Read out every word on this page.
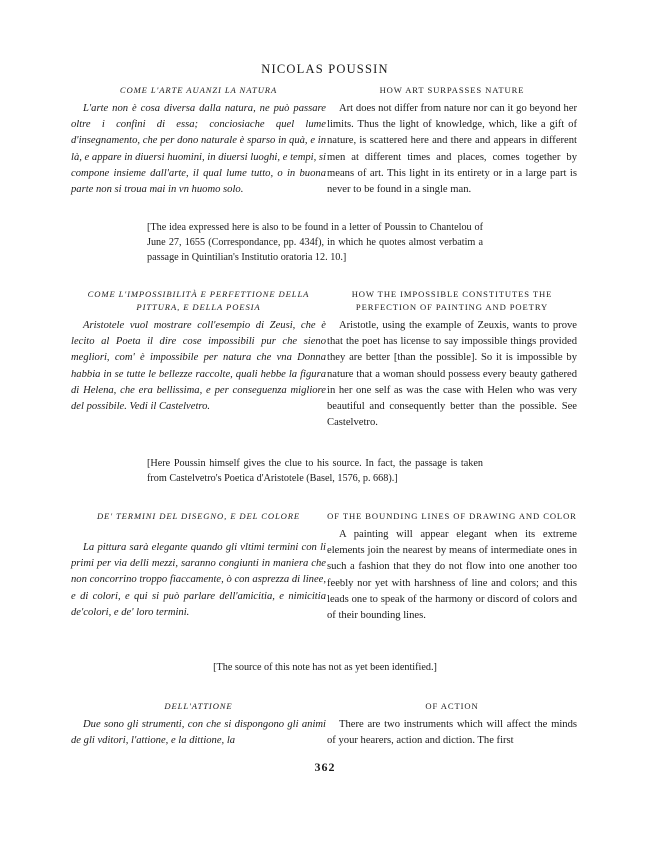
NICOLAS POUSSIN
COME L'ARTE AUANZI LA NATURA

L'arte non è cosa diversa dalla natura, ne può passare oltre i confini di essa; conciosiache quel lume d'insegnamento, che per dono naturale è sparso in quà, e in là, e appare in diuersi huomini, in diuersi luoghi, e tempi, si compone insieme dall'arte, il qual lume tutto, o in buona parte non si troua mai in vn huomo solo.

HOW ART SURPASSES NATURE

Art does not differ from nature nor can it go beyond her limits. Thus the light of knowledge, which, like a gift of nature, is scattered here and there and appears in different men at different times and places, comes together by means of art. This light in its entirety or in a large part is never to be found in a single man.

[The idea expressed here is also to be found in a letter of Poussin to Chantelou of June 27, 1655 (Correspondance, pp. 434f), in which he quotes almost verbatim a passage in Quintilian's Institutio oratoria 12. 10.]
COME L'IMPOSSIBILITÀ E PERFETTIONE DELLA PITTURA, E DELLA POESIA

Aristotele vuol mostrare coll'esempio di Zeusi, che è lecito al Poeta il dire cose impossibili pur che sieno megliori, com' è impossibile per natura che vna Donna habbia in se tutte le bellezze raccolte, quali hebbe la figura di Helena, che era bellissima, e per conseguenza migliore del possibile. Vedi il Castelvetro.

HOW THE IMPOSSIBLE CONSTITUTES THE PERFECTION OF PAINTING AND POETRY

Aristotle, using the example of Zeuxis, wants to prove that the poet has license to say impossible things provided they are better [than the possible]. So it is impossible by nature that a woman should possess every beauty gathered in her one self as was the case with Helen who was very beautiful and consequently better than the possible. See Castelvetro.

[Here Poussin himself gives the clue to his source. In fact, the passage is taken from Castelvetro's Poetica d'Aristotele (Basel, 1576, p. 668).]
DE' TERMINI DEL DISEGNO, E DEL COLORE

La pittura sarà elegante quando gli vltimi termini con li primi per via delli mezzi, saranno congiunti in maniera che non concorrino troppo fiaccamente, ò con asprezza di linee, e di colori, e qui si può parlare dell'amicitia, e nimicitia de'colori, e de' loro termini.

OF THE BOUNDING LINES OF DRAWING AND COLOR

A painting will appear elegant when its extreme elements join the nearest by means of intermediate ones in such a fashion that they do not flow into one another too feebly nor yet with harshness of line and colors; and this leads one to speak of the harmony or discord of colors and of their bounding lines.

[The source of this note has not as yet been identified.]
DELL'ATTIONE

Due sono gli strumenti, con che si dispongono gli animi de gli vditori, l'attione, e la dittione, la

OF ACTION

There are two instruments which will affect the minds of your hearers, action and diction. The first

362
